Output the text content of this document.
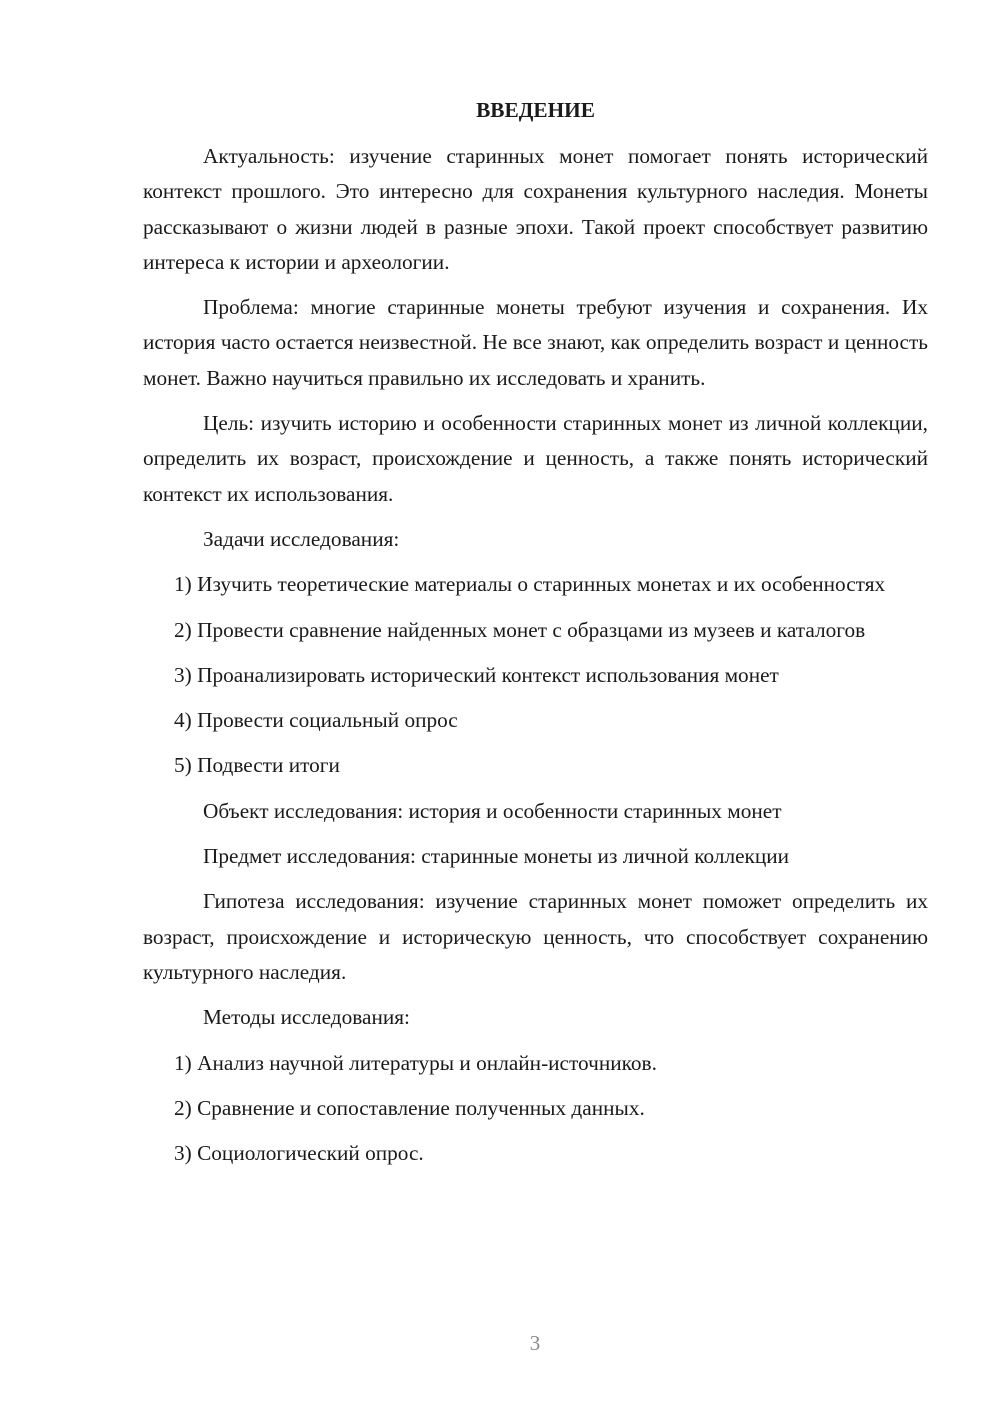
ВВЕДЕНИЕ

Актуальность: изучение старинных монет помогает понять исторический контекст прошлого. Это интересно для сохранения культурного наследия. Монеты рассказывают о жизни людей в разные эпохи. Такой проект способствует развитию интереса к истории и археологии.

Проблема: многие старинные монеты требуют изучения и сохранения. Их история часто остается неизвестной. Не все знают, как определить возраст и ценность монет. Важно научиться правильно их исследовать и хранить.

Цель: изучить историю и особенности старинных монет из личной коллекции, определить их возраст, происхождение и ценность, а также понять исторический контекст их использования.

Задачи исследования:

1) Изучить теоретические материалы о старинных монетах и их особенностях

2) Провести сравнение найденных монет с образцами из музеев и каталогов

3) Проанализировать исторический контекст использования монет

4) Провести социальный опрос

5) Подвести итоги

Объект исследования: история и особенности старинных монет

Предмет исследования: старинные монеты из личной коллекции

Гипотеза исследования: изучение старинных монет поможет определить их возраст, происхождение и историческую ценность, что способствует сохранению культурного наследия.

Методы исследования:

1) Анализ научной литературы и онлайн-источников.

2) Сравнение и сопоставление полученных данных.

3) Социологический опрос.

3
